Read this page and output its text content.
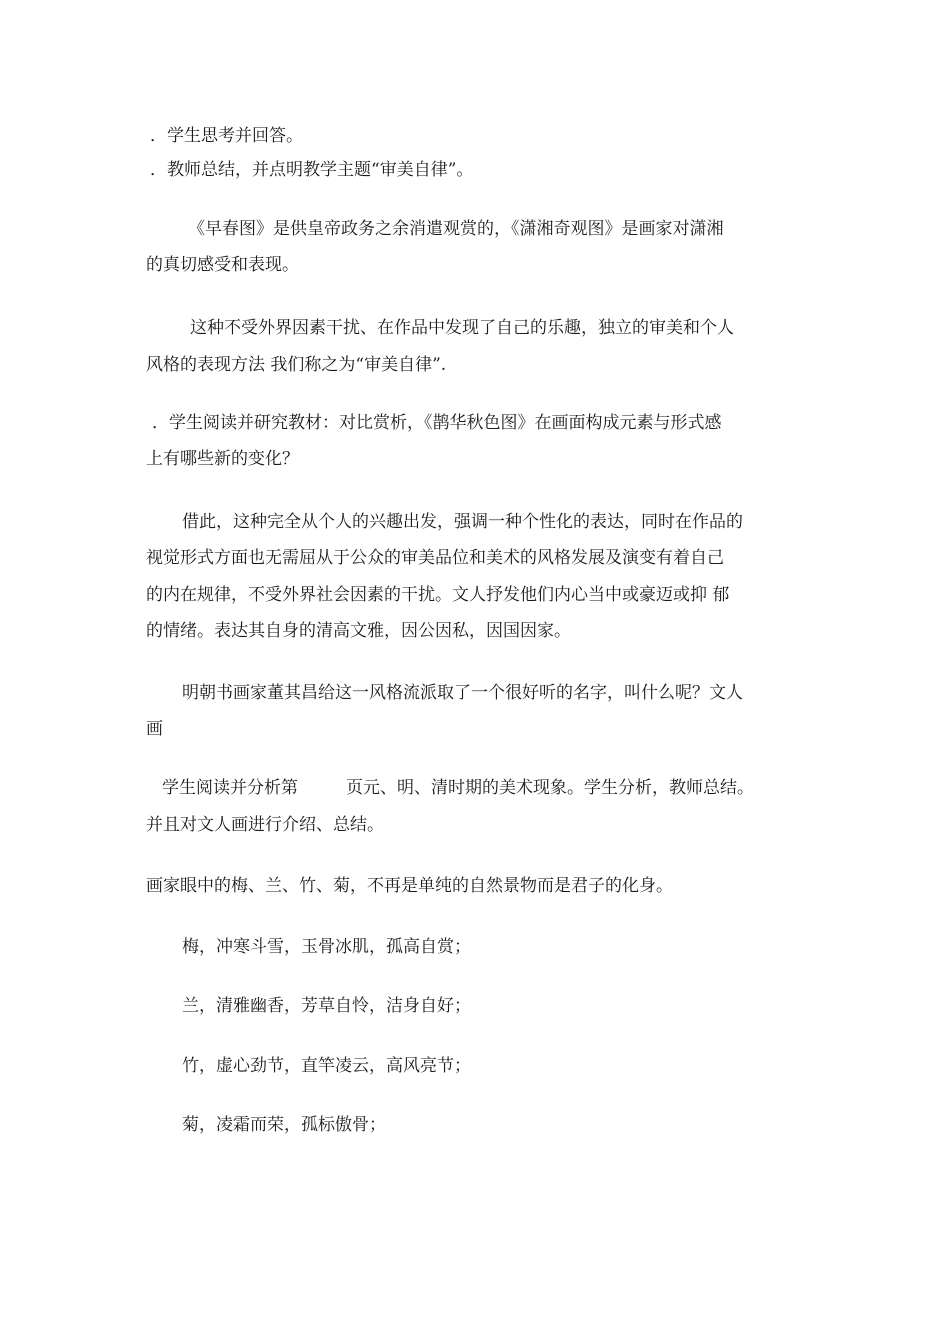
．学生思考并回答。

．教师总结，并点明教学主题“审美自律”。

《早春图》是供皇帝政务之余消遣观赏的，《潇湘奇观图》是画家对潇湘

的真切感受和表现。

这种不受外界因素干扰、在作品中发现了自己的乐趣，独立的审美和个人

风格的表现方法 我们称之为“审美自律”.

．学生阅读并研究教材：对比赏析，《鹊华秋色图》在画面构成元素与形式感

上有哪些新的变化？

借此，这种完全从个人的兴趣出发，强调一种个性化的表达，同时在作品的

视觉形式方面也无需屈从于公众的审美品位和美术的风格发展及演变有着自己

的内在规律，不受外界社会因素的干扰。文人抒发他们内心当中或豪迈或抑 郁

的情绪。表达其自身的清高文雅，因公因私，因国因家。

明朝书画家董其昌给这一风格流派取了一个很好听的名字，叫什么呢？文人

画

学生阅读并分析第	页元、明、清时期的美术现象。学生分析，教师总结。

并且对文人画进行介绍、总结。

画家眼中的梅、兰、竹、菊，不再是单纯的自然景物而是君子的化身。

梅，冲寒斗雪，玉骨冰肌，孤高自赏；

兰，清雅幽香，芳草自怜，洁身自好；

竹，虚心劲节，直竿凌云，高风亮节；

菊，凌霜而荣，孤标傲骨；
